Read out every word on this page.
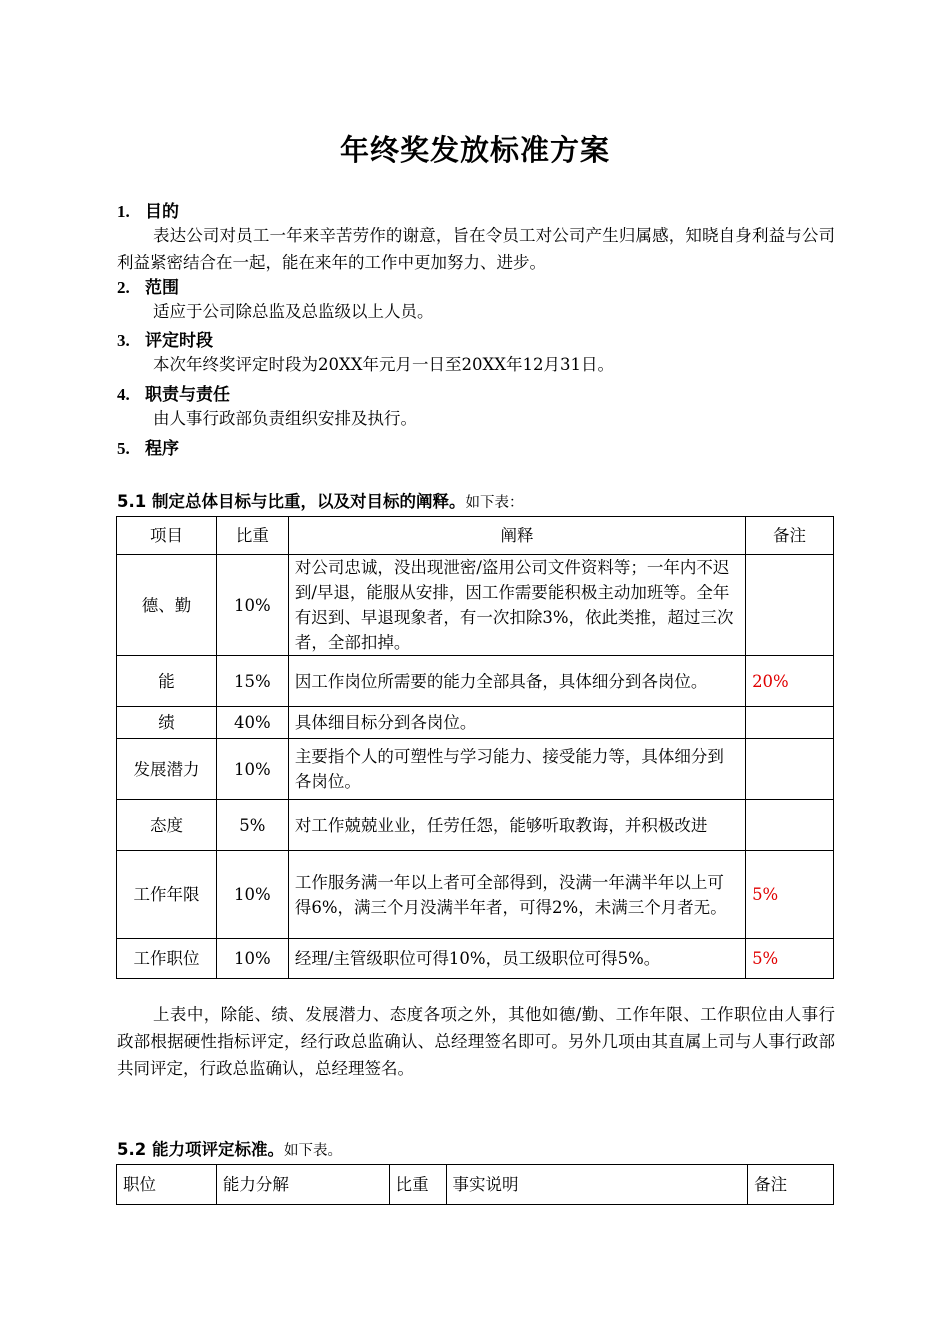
年终奖发放标准方案
1. 目的
表达公司对员工一年来辛苦劳作的谢意，旨在令员工对公司产生归属感，知晓自身利益与公司利益紧密结合在一起，能在来年的工作中更加努力、进步。
2. 范围
适应于公司除总监及总监级以上人员。
3. 评定时段
本次年终奖评定时段为20XX年元月一日至20XX年12月31日。
4. 职责与责任
由人事行政部负责组织安排及执行。
5. 程序
5.1 制定总体目标与比重，以及对目标的阐释。如下表：
项目	比重	阐释	备注
德、勤	10%	对公司忠诚，没出现泄密/盗用公司文件资料等；一年内不迟到/早退，能服从安排，因工作需要能积极主动加班等。全年有迟到、早退现象者，有一次扣除3%，依此类推，超过三次者，全部扣掉。	
能	15%	因工作岗位所需要的能力全部具备，具体细分到各岗位。	20%
绩	40%	具体细目标分到各岗位。	
发展潜力	10%	主要指个人的可塑性与学习能力、接受能力等，具体细分到各岗位。	
态度	5%	对工作兢兢业业，任劳任怨，能够听取教诲，并积极改进	
工作年限	10%	工作服务满一年以上者可全部得到，没满一年满半年以上可得6%，满三个月没满半年者，可得2%，未满三个月者无。	5%
工作职位	10%	经理/主管级职位可得10%，员工级职位可得5%。	5%
上表中，除能、绩、发展潜力、态度各项之外，其他如德/勤、工作年限、工作职位由人事行政部根据硬性指标评定，经行政总监确认、总经理签名即可。另外几项由其直属上司与人事行政部共同评定，行政总监确认，总经理签名。
5.2 能力项评定标准。如下表。
职位	能力分解	比重	事实说明	备注
